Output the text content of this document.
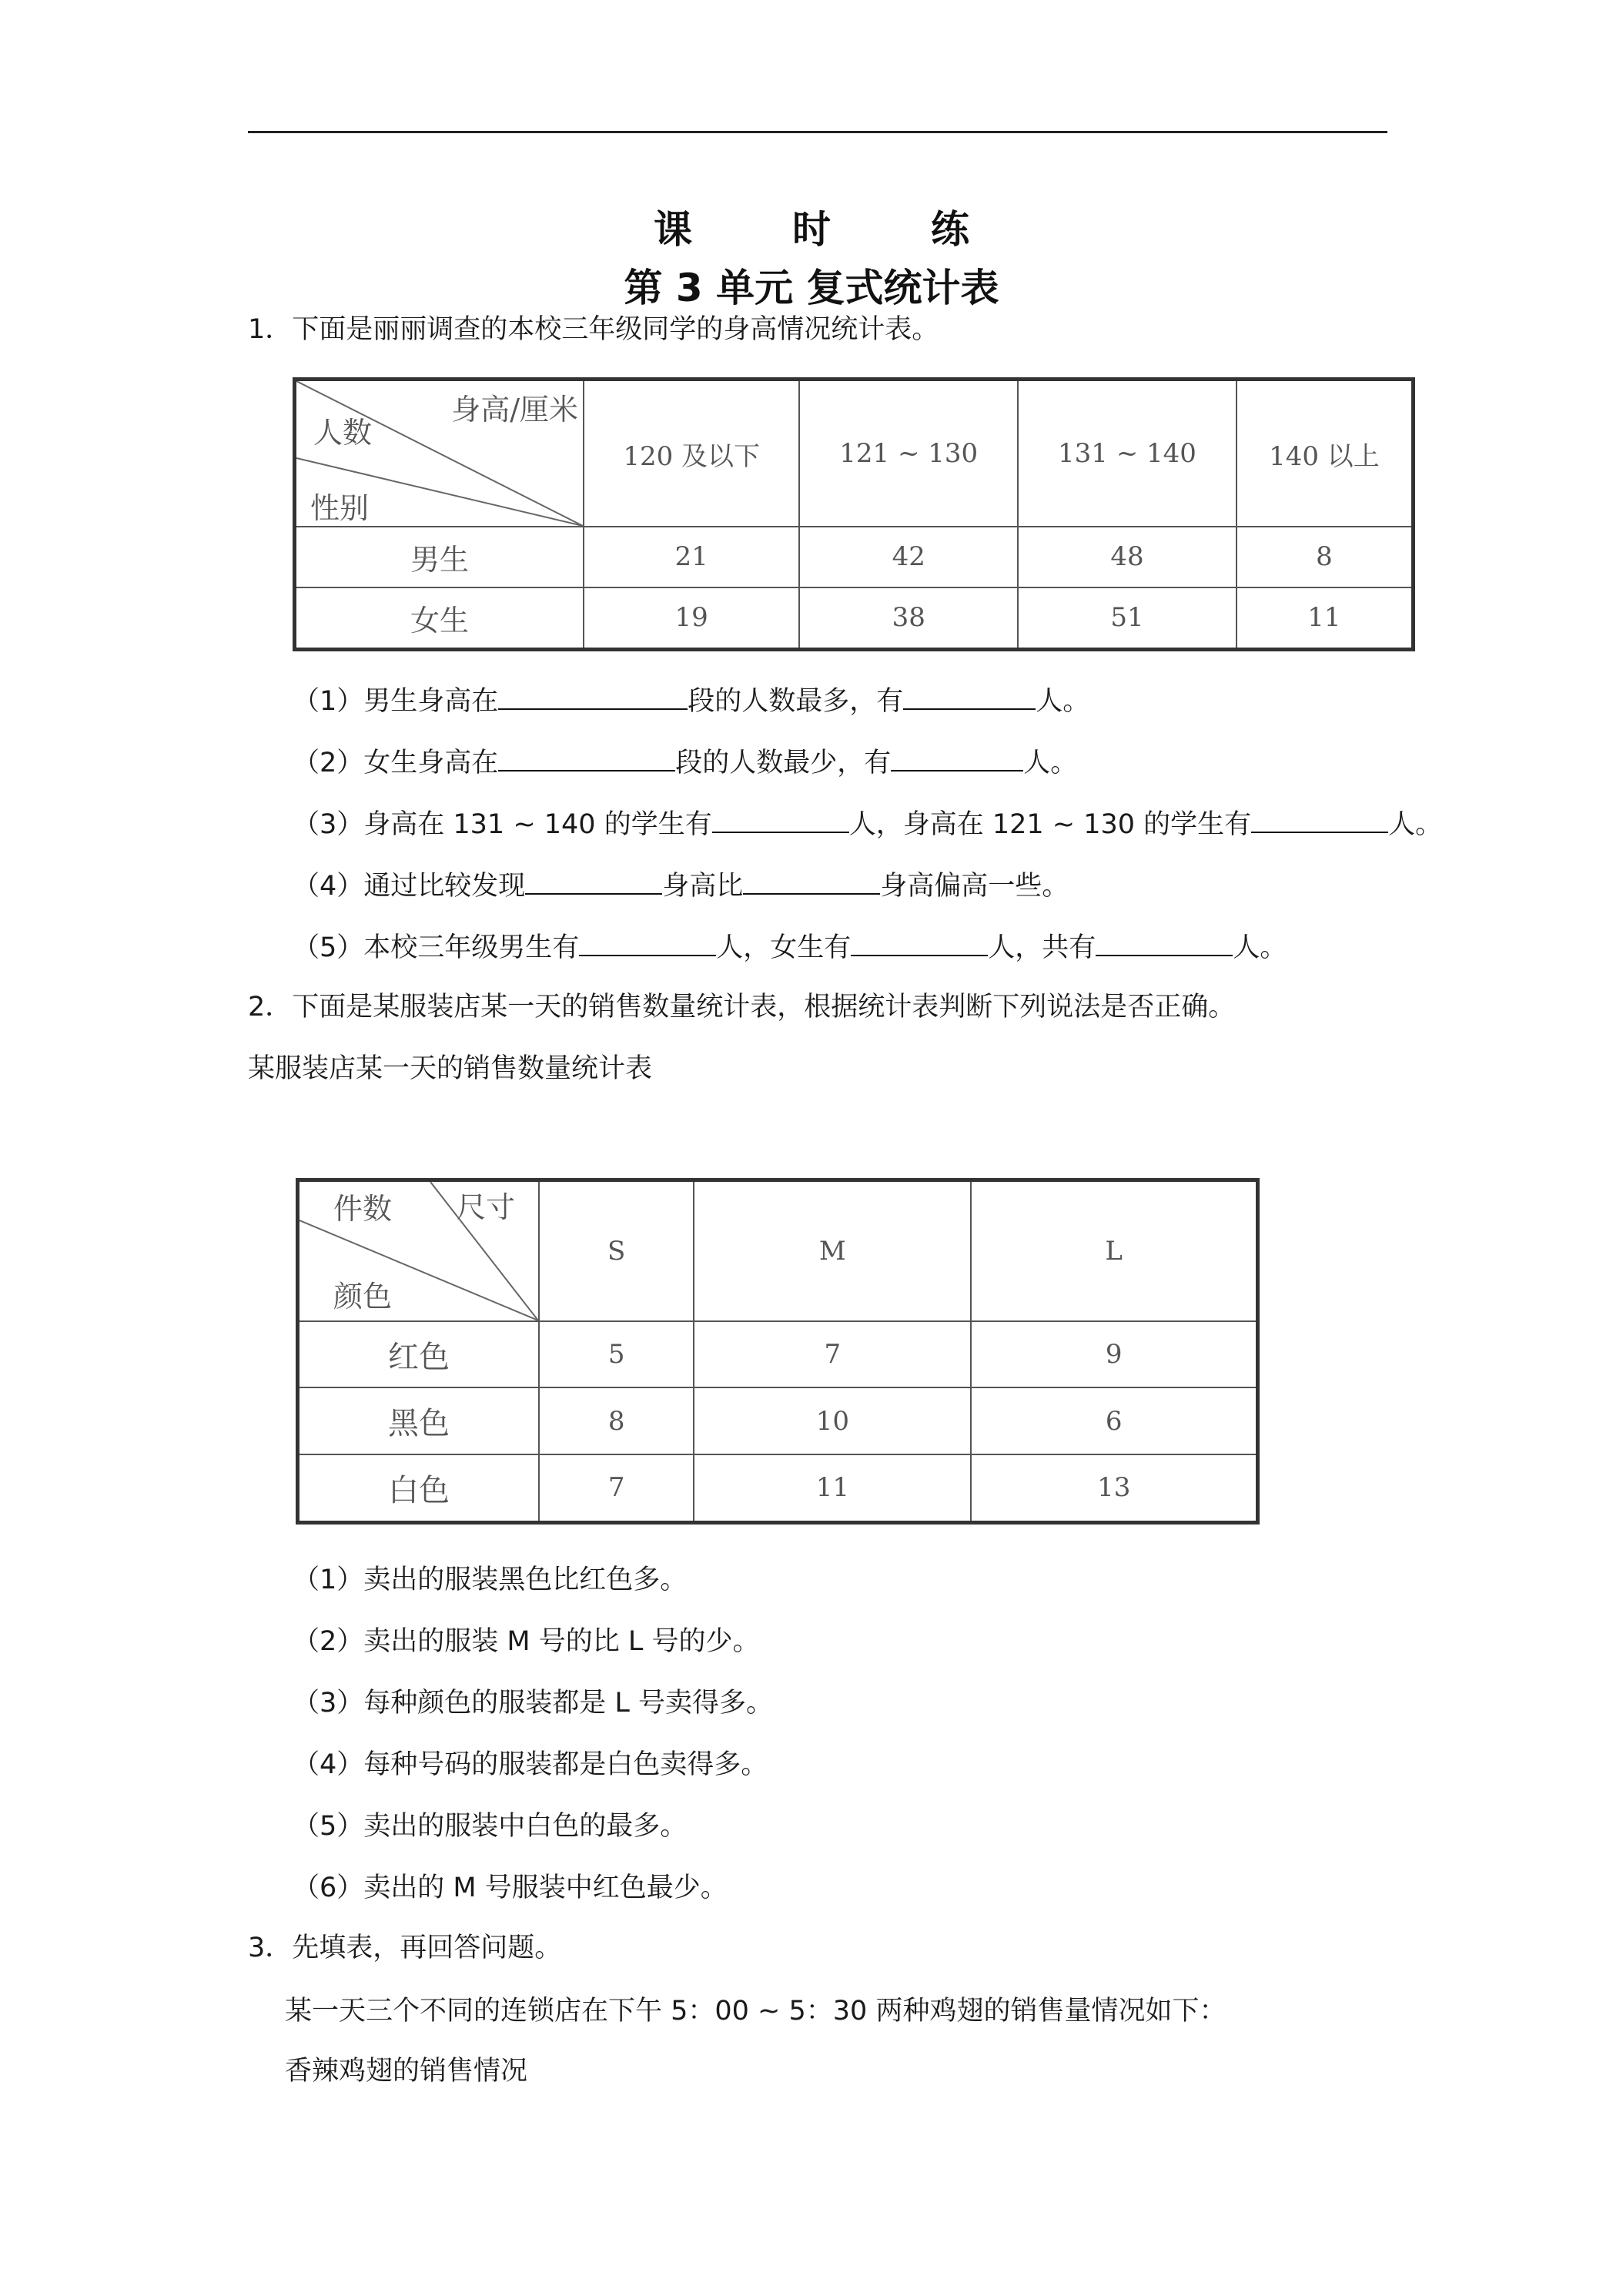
课　时　练
第 3 单元 复式统计表
1．下面是丽丽调查的本校三年级同学的身高情况统计表。
身高/厘米
人数
性别	120 及以下	121 ~ 130	131 ~ 140	140 以上
男生	21	42	48	8
女生	19	38	51	11
（1）男生身高在	段的人数最多，有	人。
（2）女生身高在	段的人数最少，有	人。
（3）身高在 131 ~ 140 的学生有	人，身高在 121 ~ 130 的学生有	人。
（4）通过比较发现	身高比	身高偏高一些。
（5）本校三年级男生有	人，女生有	人，共有	人。
2．下面是某服装店某一天的销售数量统计表，根据统计表判断下列说法是否正确。
某服装店某一天的销售数量统计表
尺寸
件数
颜色	S	M	L
红色	5	7	9
黑色	8	10	6
白色	7	11	13
（1）卖出的服装黑色比红色多。
（2）卖出的服装 M 号的比 L 号的少。
（3）每种颜色的服装都是 L 号卖得多。
（4）每种号码的服装都是白色卖得多。
（5）卖出的服装中白色的最多。
（6）卖出的 M 号服装中红色最少。
3．先填表，再回答问题。
某一天三个不同的连锁店在下午 5：00 ~ 5：30 两种鸡翅的销售量情况如下：
香辣鸡翅的销售情况
